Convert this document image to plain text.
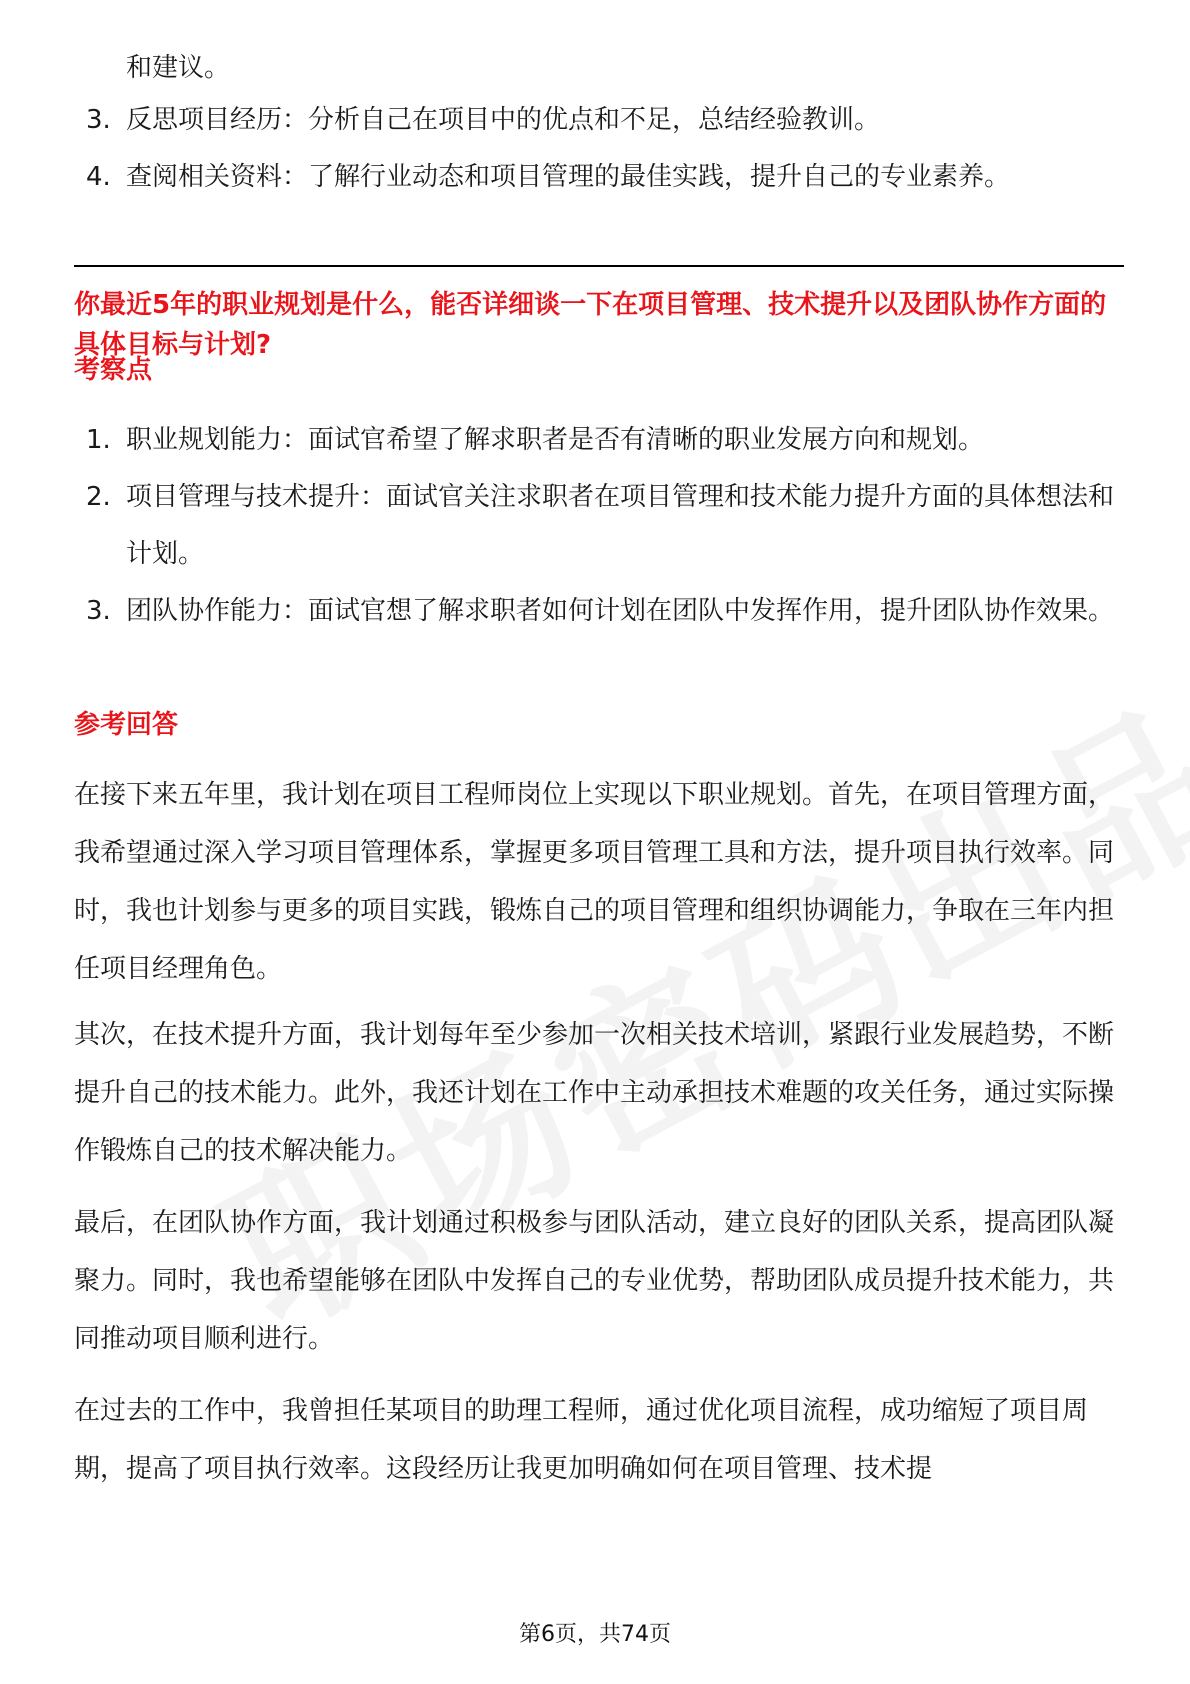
和建议。
3. 反思项目经历：分析自己在项目中的优点和不足，总结经验教训。
4. 查阅相关资料：了解行业动态和项目管理的最佳实践，提升自己的专业素养。
你最近5年的职业规划是什么，能否详细谈一下在项目管理、技术提升以及团队协作方面的具体目标与计划?
考察点
1. 职业规划能力：面试官希望了解求职者是否有清晰的职业发展方向和规划。
2. 项目管理与技术提升：面试官关注求职者在项目管理和技术能力提升方面的具体想法和计划。
3. 团队协作能力：面试官想了解求职者如何计划在团队中发挥作用，提升团队协作效果。
参考回答

在接下来五年里，我计划在项目工程师岗位上实现以下职业规划。首先，在项目管理方面，我希望通过深入学习项目管理体系，掌握更多项目管理工具和方法，提升项目执行效率。同时，我也计划参与更多的项目实践，锻炼自己的项目管理和组织协调能力，争取在三年内担任项目经理角色。

其次，在技术提升方面，我计划每年至少参加一次相关技术培训，紧跟行业发展趋势，不断提升自己的技术能力。此外，我还计划在工作中主动承担技术难题的攻关任务，通过实际操作锻炼自己的技术解决能力。

最后，在团队协作方面，我计划通过积极参与团队活动，建立良好的团队关系，提高团队凝聚力。同时，我也希望能够在团队中发挥自己的专业优势，帮助团队成员提升技术能力，共同推动项目顺利进行。

在过去的工作中，我曾担任某项目的助理工程师，通过优化项目流程，成功缩短了项目周期，提高了项目执行效率。这段经历让我更加明确如何在项目管理、技术提

第6页，共74页
